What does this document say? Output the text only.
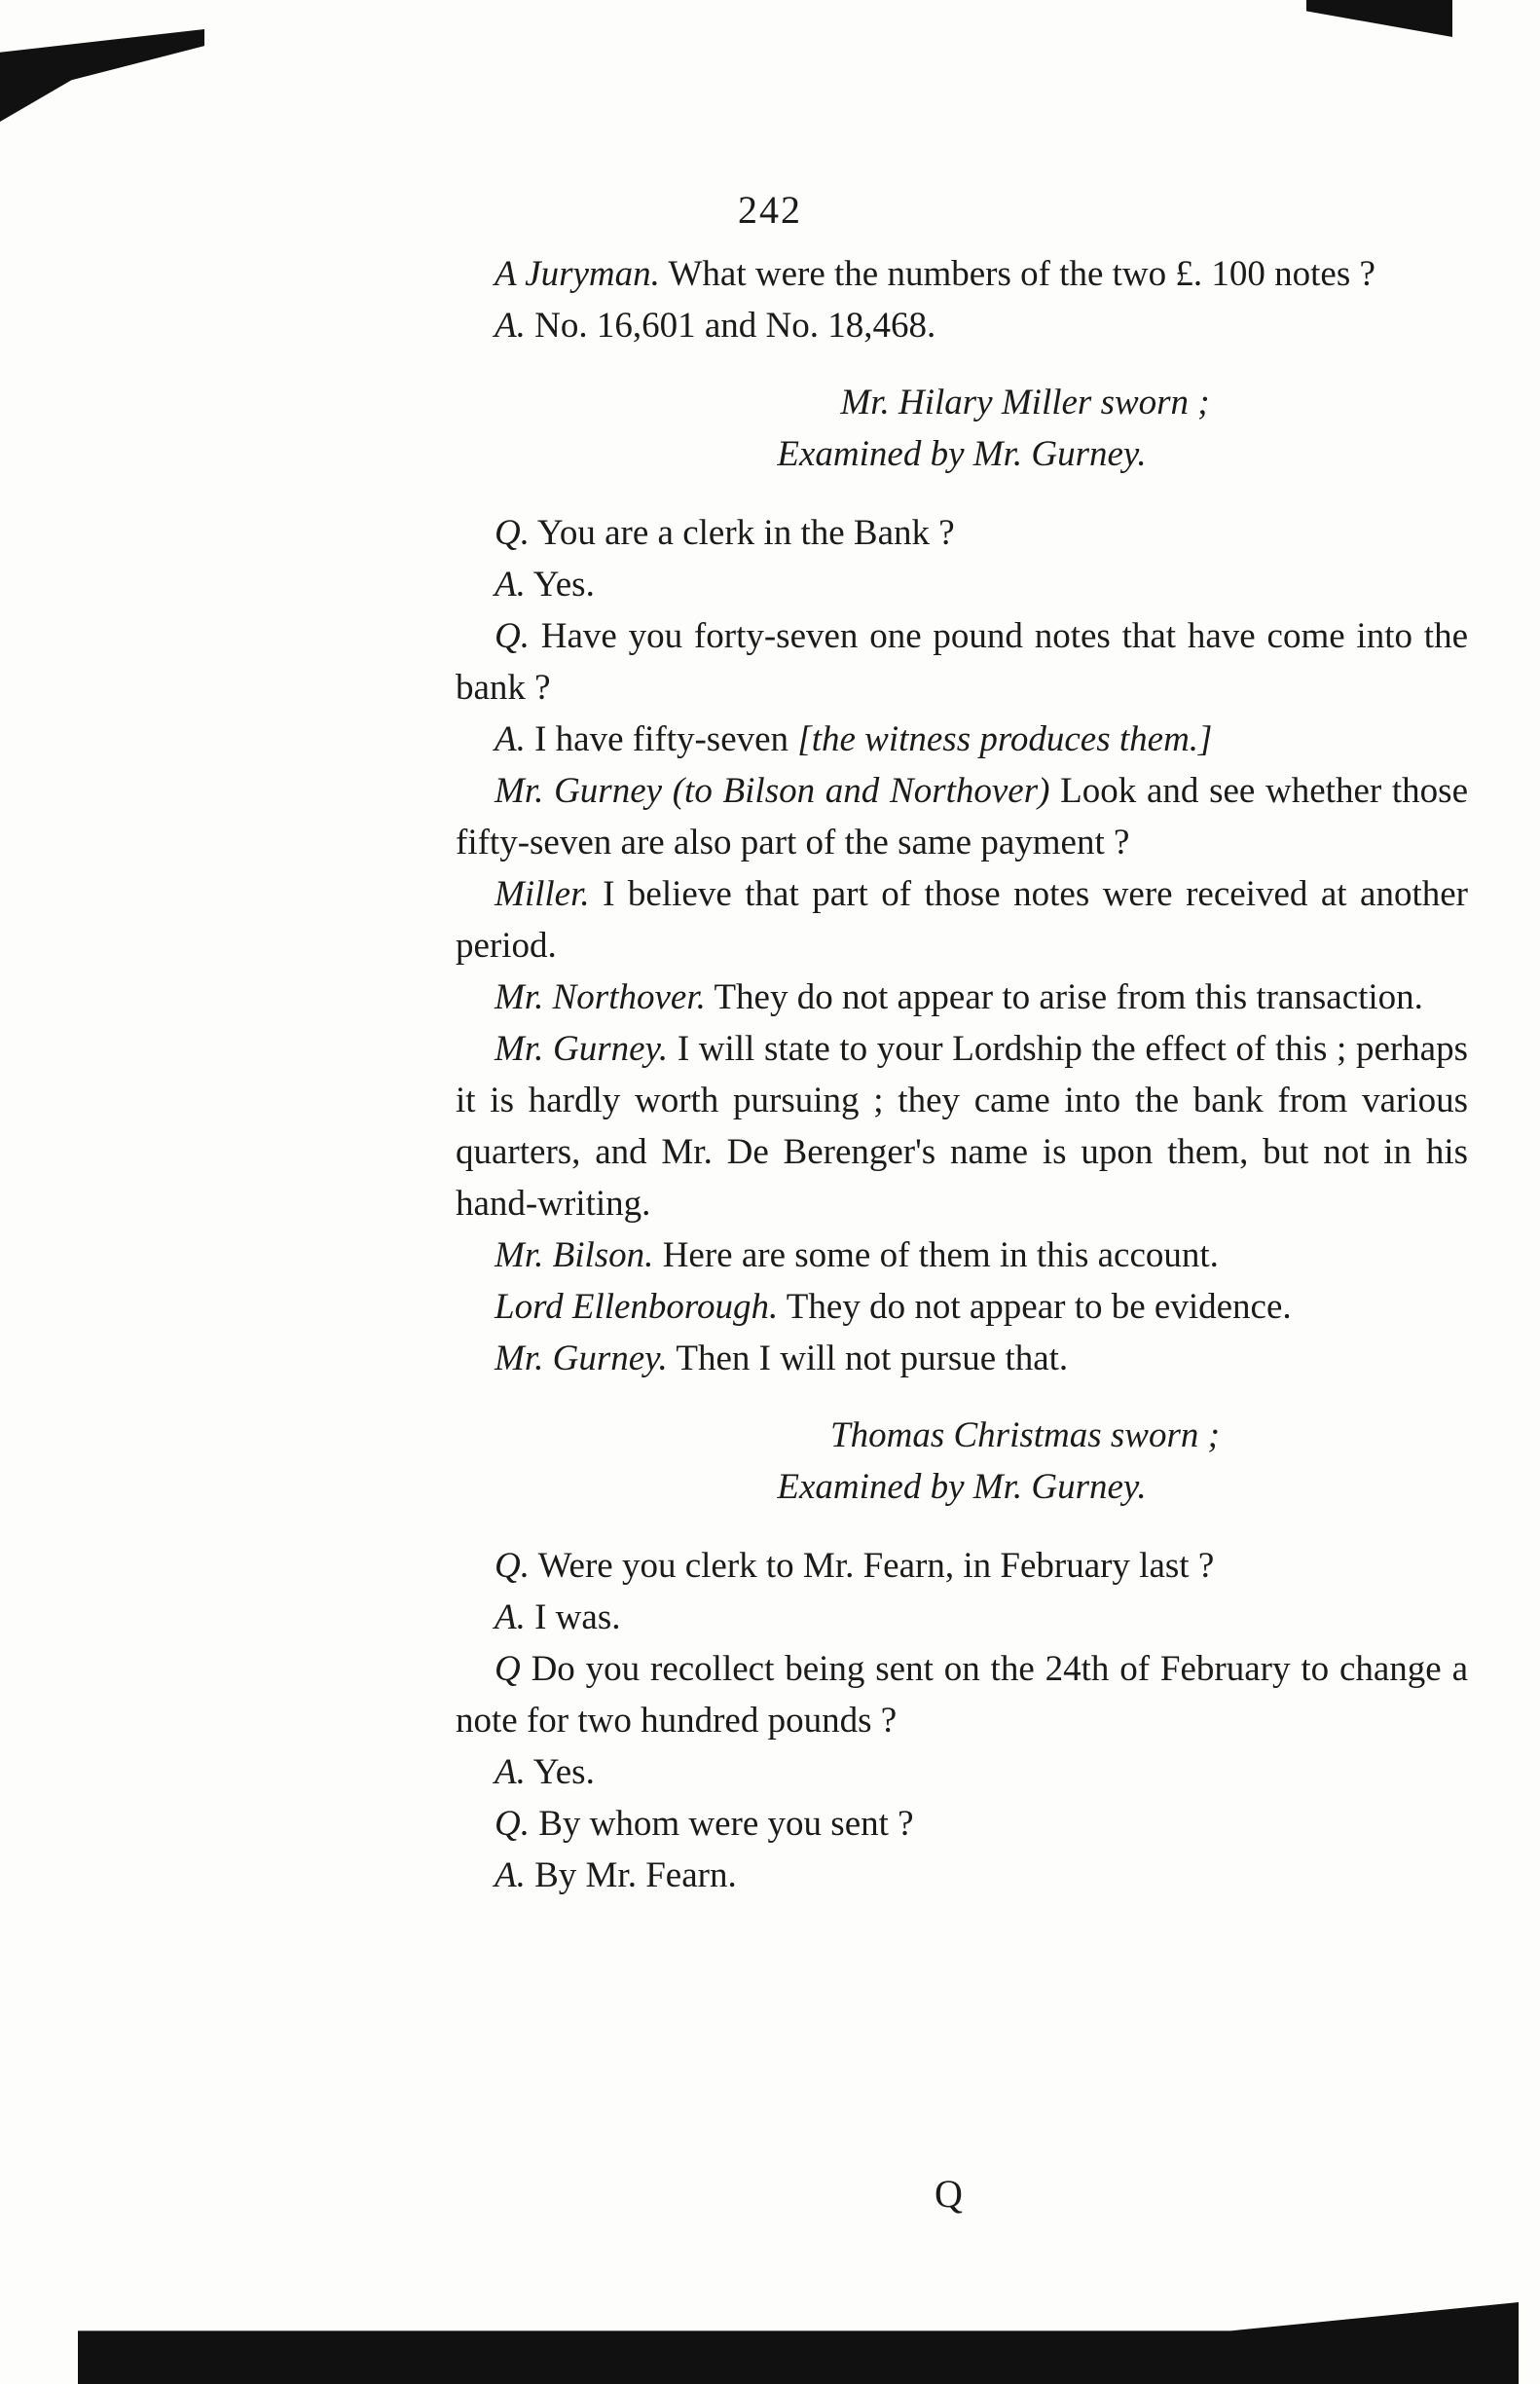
242

A Juryman. What were the numbers of the two £. 100 notes ?

A. No. 16,601 and No. 18,468.

Mr. Hilary Miller sworn ;
Examined by Mr. Gurney.

Q. You are a clerk in the Bank ?

A. Yes.

Q. Have you forty-seven one pound notes that have come into the bank ?

A. I have fifty-seven [the witness produces them.]

Mr. Gurney (to Bilson and Northover) Look and see whether those fifty-seven are also part of the same payment ?

Miller. I believe that part of those notes were received at another period.

Mr. Northover. They do not appear to arise from this transaction.

Mr. Gurney. I will state to your Lordship the effect of this ; perhaps it is hardly worth pursuing ; they came into the bank from various quarters, and Mr. De Berenger's name is upon them, but not in his hand-writing.

Mr. Bilson. Here are some of them in this account.

Lord Ellenborough. They do not appear to be evidence.

Mr. Gurney. Then I will not pursue that.

Thomas Christmas sworn ;
Examined by Mr. Gurney.

Q. Were you clerk to Mr. Fearn, in February last ?

A. I was.

Q Do you recollect being sent on the 24th of February to change a note for two hundred pounds ?

A. Yes.

Q. By whom were you sent ?

A. By Mr. Fearn.

Q
